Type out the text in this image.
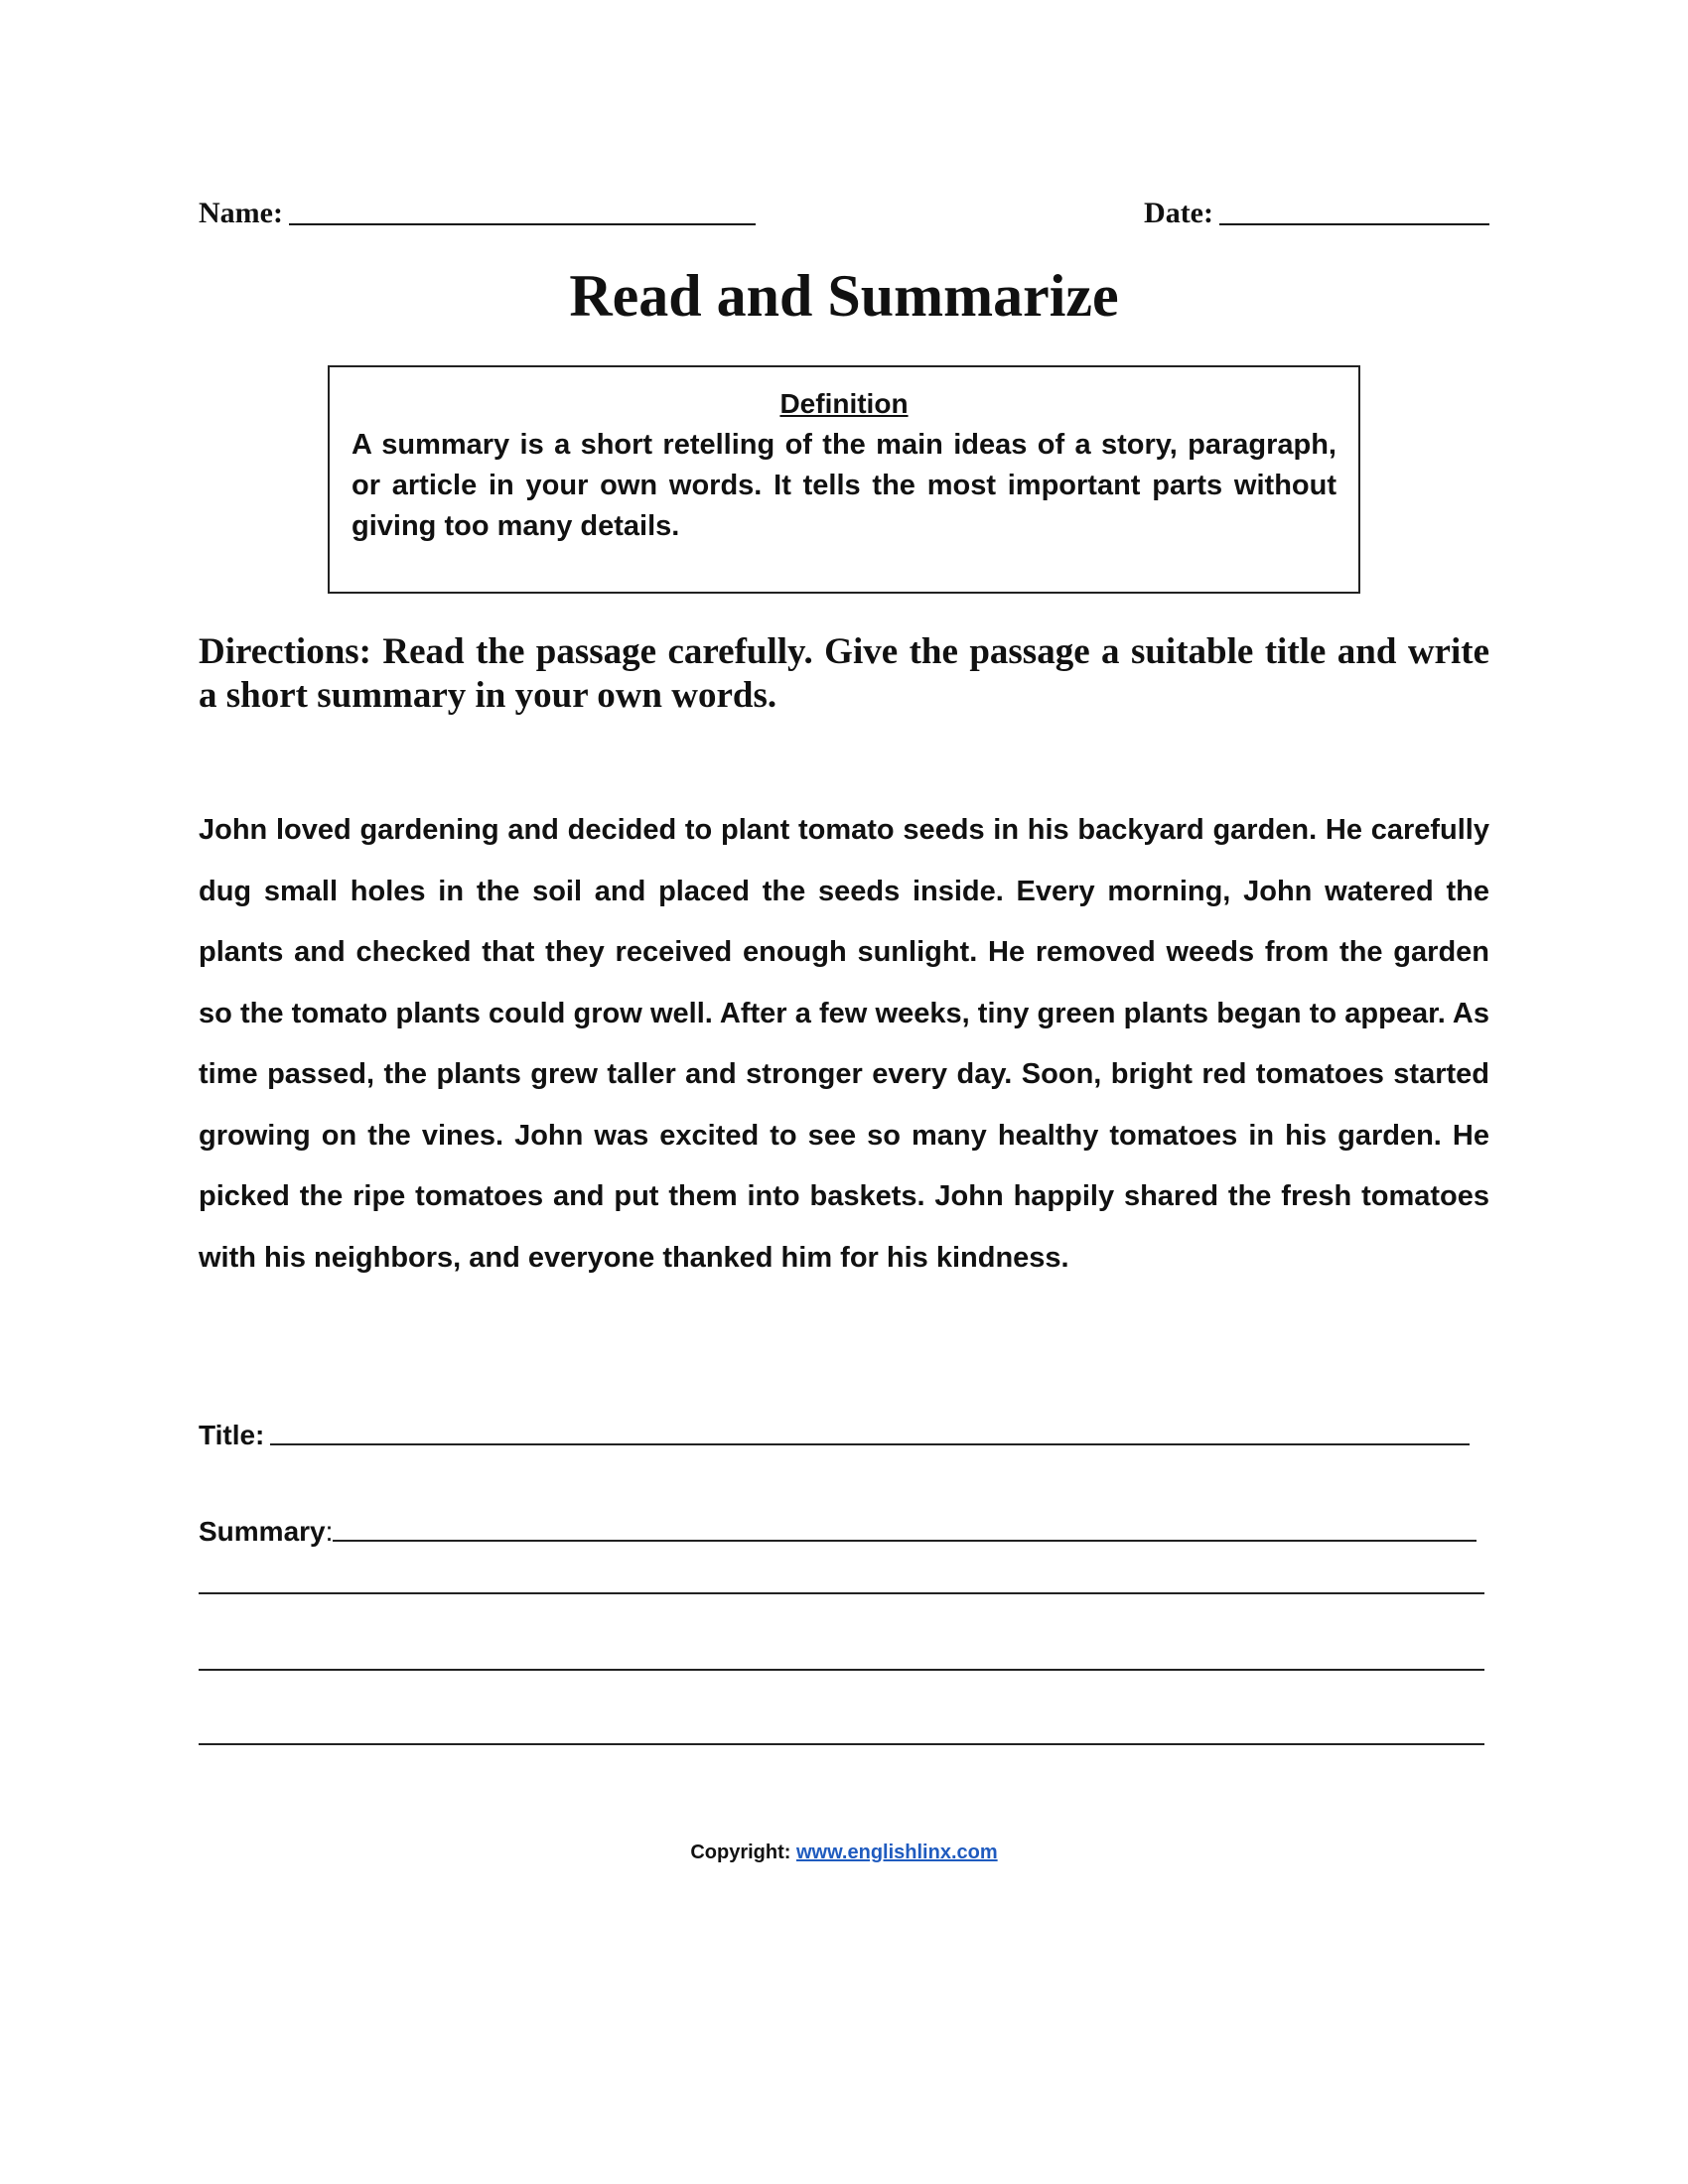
Name:	Date:
Read and Summarize
Definition
A summary is a short retelling of the main ideas of a story, paragraph, or article in your own words. It tells the most important parts without giving too many details.

Directions: Read the passage carefully. Give the passage a suitable title and write a short summary in your own words.

John loved gardening and decided to plant tomato seeds in his backyard garden. He carefully dug small holes in the soil and placed the seeds inside. Every morning, John watered the plants and checked that they received enough sunlight. He removed weeds from the garden so the tomato plants could grow well. After a few weeks, tiny green plants began to appear. As time passed, the plants grew taller and stronger every day. Soon, bright red tomatoes started growing on the vines. John was excited to see so many healthy tomatoes in his garden. He picked the ripe tomatoes and put them into baskets. John happily shared the fresh tomatoes with his neighbors, and everyone thanked him for his kindness.

Title:
Summary :
Copyright: www.englishlinx.com
